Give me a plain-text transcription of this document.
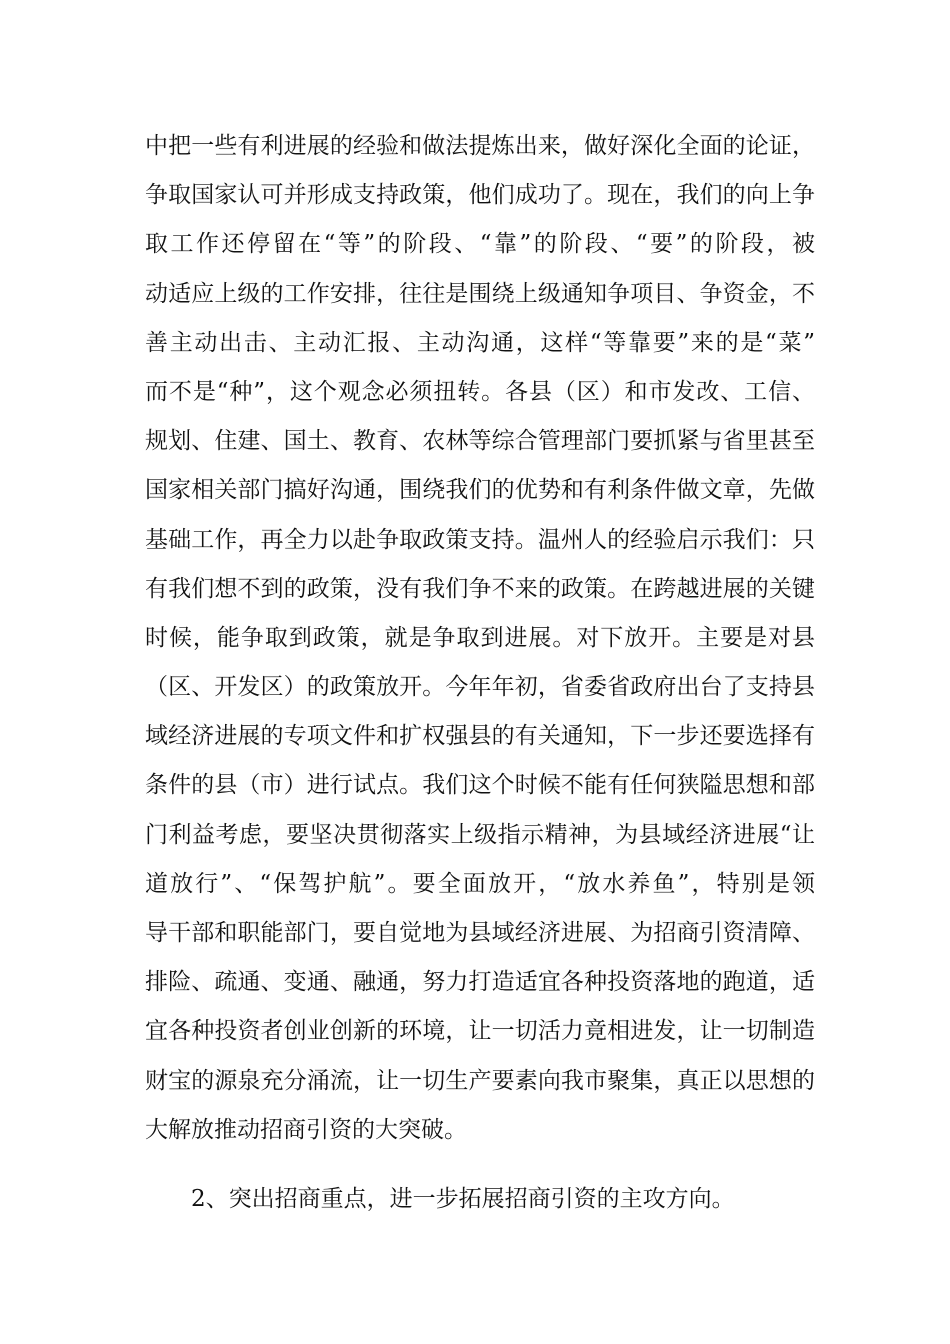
中把一些有利进展的经验和做法提炼出来，做好深化全面的论证，
争取国家认可并形成支持政策，他们成功了。现在，我们的向上争
取工作还停留在“等”的阶段、“靠”的阶段、“要”的阶段，被
动适应上级的工作安排，往往是围绕上级通知争项目、争资金，不
善主动出击、主动汇报、主动沟通，这样“等靠要”来的是“菜”
而不是“种”，这个观念必须扭转。各县（区）和市发改、工信、
规划、住建、国土、教育、农林等综合管理部门要抓紧与省里甚至
国家相关部门搞好沟通，围绕我们的优势和有利条件做文章，先做
基础工作，再全力以赴争取政策支持。温州人的经验启示我们：只
有我们想不到的政策，没有我们争不来的政策。在跨越进展的关键
时候，能争取到政策，就是争取到进展。对下放开。主要是对县
（区、开发区）的政策放开。今年年初，省委省政府出台了支持县
域经济进展的专项文件和扩权强县的有关通知，下一步还要选择有
条件的县（市）进行试点。我们这个时候不能有任何狭隘思想和部
门利益考虑，要坚决贯彻落实上级指示精神，为县域经济进展“让
道放行”、“保驾护航”。要全面放开，“放水养鱼”，特别是领
导干部和职能部门，要自觉地为县域经济进展、为招商引资清障、
排险、疏通、变通、融通，努力打造适宜各种投资落地的跑道，适
宜各种投资者创业创新的环境，让一切活力竟相进发，让一切制造
财宝的源泉充分涌流，让一切生产要素向我市聚集，真正以思想的
大解放推动招商引资的大突破。
2、突出招商重点，进一步拓展招商引资的主攻方向。
